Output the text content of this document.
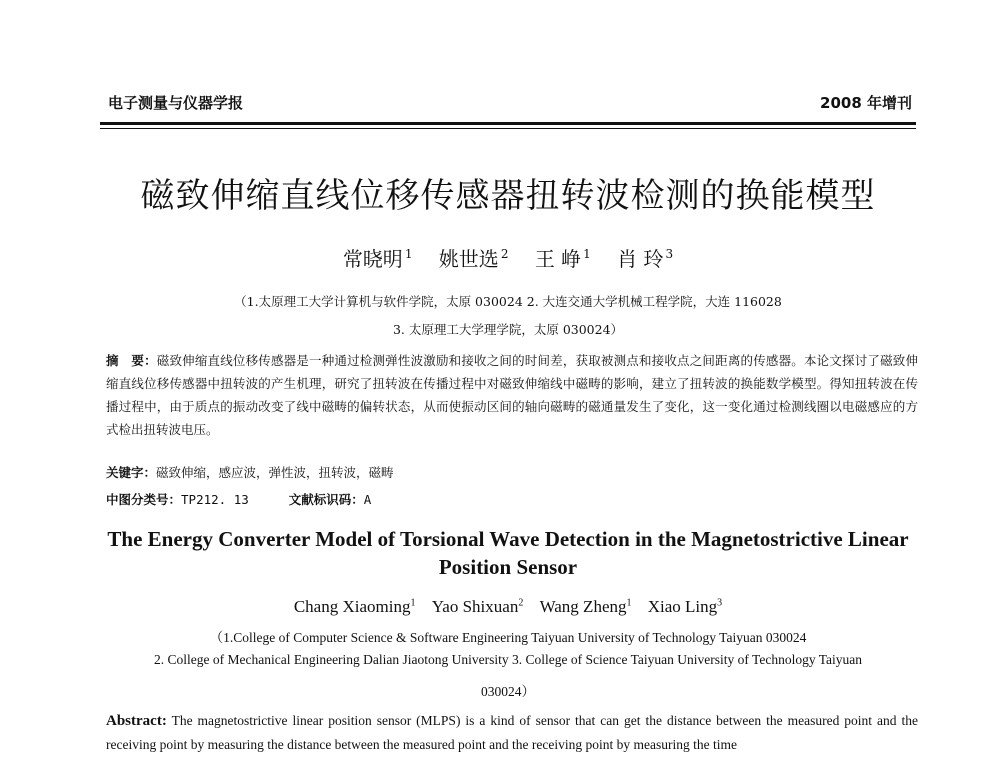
电子测量与仪器学报	2008 年增刊
磁致伸缩直线位移传感器扭转波检测的换能模型
常晓明 $^1$ 姚世选 $^2$ 王 峥 $^1$ 肖 玲 $^3$
（1.太原理工大学计算机与软件学院，太原 030024 2. 大连交通大学机械工程学院，大连 116028
3. 太原理工大学理学院，太原 030024）
摘　要：磁致伸缩直线位移传感器是一种通过检测弹性波激励和接收之间的时间差，获取被测点和接收点之间距离的传感器。本论文探讨了磁致伸缩直线位移传感器中扭转波的产生机理，研究了扭转波在传播过程中对磁致伸缩线中磁畴的影响，建立了扭转波的换能数学模型。得知扭转波在传播过程中，由于质点的振动改变了线中磁畴的偏转状态，从而使振动区间的轴向磁畴的磁通量发生了变化，这一变化通过检测线圈以电磁感应的方式检出扭转波电压。
关键字：磁致伸缩，感应波，弹性波，扭转波，磁畴
中图分类号：TP212. 13	文献标识码：A
The Energy Converter Model of Torsional Wave Detection in the Magnetostrictive Linear
Position Sensor
Chang Xiaoming$^1$ Yao Shixuan$^2$ Wang Zheng$^1$ Xiao Ling$^3$
（1.College of Computer Science & Software Engineering Taiyuan University of Technology Taiyuan 030024
2. College of Mechanical Engineering Dalian Jiaotong University 3. College of Science Taiyuan University of Technology Taiyuan
030024）
Abstract: The magnetostrictive linear position sensor (MLPS) is a kind of sensor that can get the distance between the measured point and the receiving point by measuring the distance between the measured point and the receiving point by measuring the time
